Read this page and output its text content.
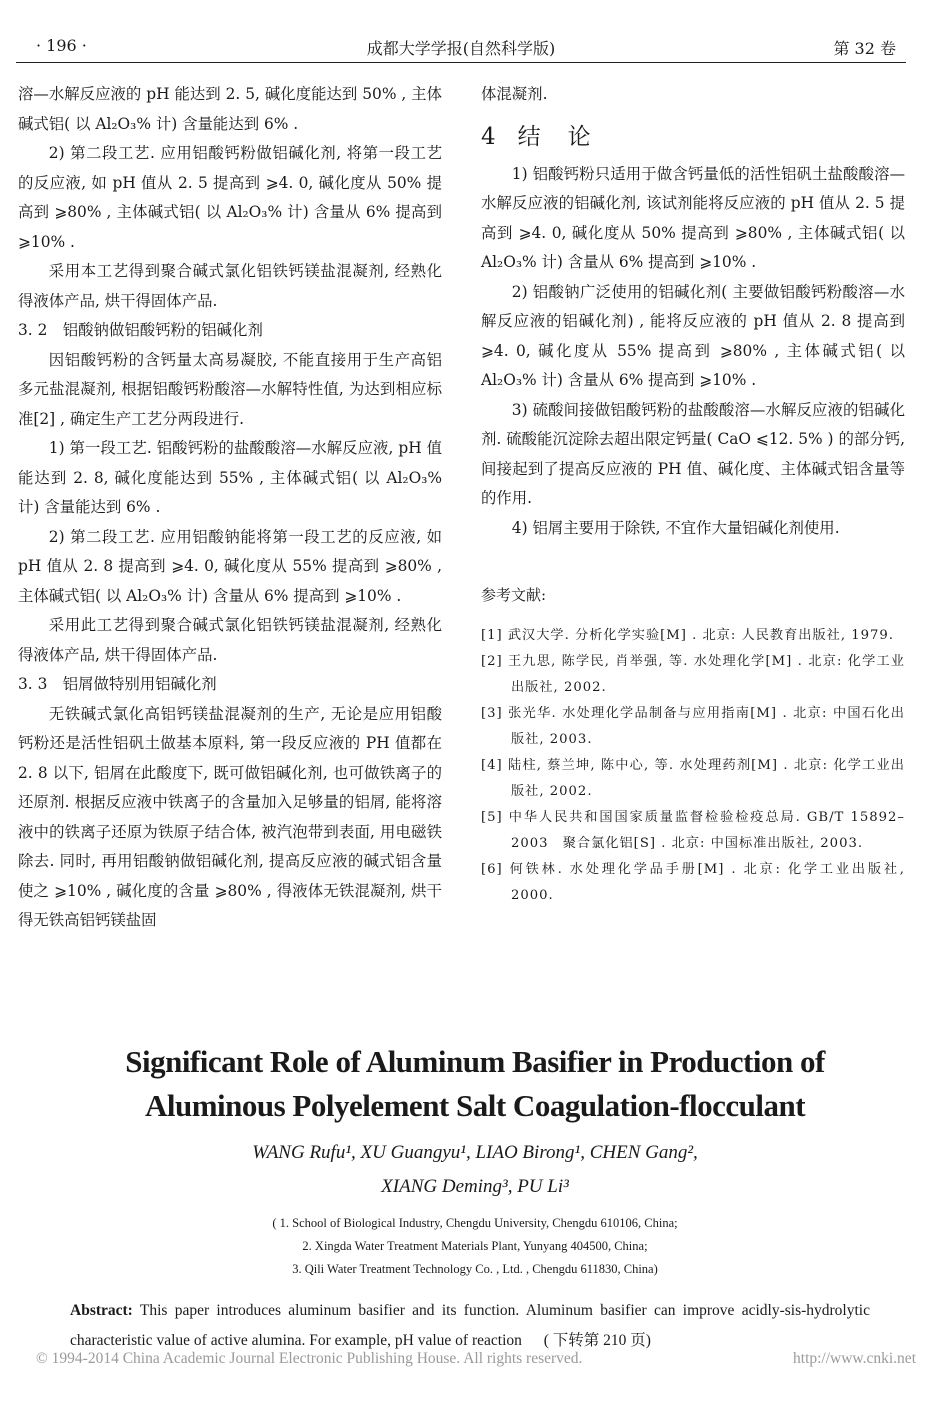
· 196 ·	成都大学学报(自然科学版)	第 32 卷

溶—水解反应液的 pH 能达到 2. 5, 碱化度能达到 50% , 主体碱式铝( 以 Al₂O₃% 计) 含量能达到 6% .

2) 第二段工艺. 应用铝酸钙粉做铝碱化剂, 将第一段工艺的反应液, 如 pH 值从 2. 5 提高到 ⩾4. 0, 碱化度从 50% 提高到 ⩾80% , 主体碱式铝( 以 Al₂O₃% 计) 含量从 6% 提高到 ⩾10% .

采用本工艺得到聚合碱式氯化铝铁钙镁盐混凝剂, 经熟化得液体产品, 烘干得固体产品.

3. 2　铝酸钠做铝酸钙粉的铝碱化剂

因铝酸钙粉的含钙量太高易凝胶, 不能直接用于生产高铝多元盐混凝剂, 根据铝酸钙粉酸溶—水解特性值, 为达到相应标准[2] , 确定生产工艺分两段进行.

1) 第一段工艺. 铝酸钙粉的盐酸酸溶—水解反应液, pH 值能达到 2. 8, 碱化度能达到 55% , 主体碱式铝( 以 Al₂O₃% 计) 含量能达到 6% .

2) 第二段工艺. 应用铝酸钠能将第一段工艺的反应液, 如 pH 值从 2. 8 提高到 ⩾4. 0, 碱化度从 55% 提高到 ⩾80% , 主体碱式铝( 以 Al₂O₃% 计) 含量从 6% 提高到 ⩾10% .

采用此工艺得到聚合碱式氯化铝铁钙镁盐混凝剂, 经熟化得液体产品, 烘干得固体产品.

3. 3　铝屑做特别用铝碱化剂

无铁碱式氯化高铝钙镁盐混凝剂的生产, 无论是应用铝酸钙粉还是活性铝矾土做基本原料, 第一段反应液的 PH 值都在 2. 8 以下, 铝屑在此酸度下, 既可做铝碱化剂, 也可做铁离子的还原剂. 根据反应液中铁离子的含量加入足够量的铝屑, 能将溶液中的铁离子还原为铁原子结合体, 被汽泡带到表面, 用电磁铁除去. 同时, 再用铝酸钠做铝碱化剂, 提高反应液的碱式铝含量使之 ⩾10% , 碱化度的含量 ⩾80% , 得液体无铁混凝剂, 烘干得无铁高铝钙镁盐固

体混凝剂.

4 结　论

1) 铝酸钙粉只适用于做含钙量低的活性铝矾土盐酸酸溶—水解反应液的铝碱化剂, 该试剂能将反应液的 pH 值从 2. 5 提高到 ⩾4. 0, 碱化度从 50% 提高到 ⩾80% , 主体碱式铝( 以 Al₂O₃% 计) 含量从 6% 提高到 ⩾10% .

2) 铝酸钠广泛使用的铝碱化剂( 主要做铝酸钙粉酸溶—水解反应液的铝碱化剂) , 能将反应液的 pH 值从 2. 8 提高到 ⩾4. 0, 碱化度从 55% 提高到 ⩾80% , 主体碱式铝( 以 Al₂O₃% 计) 含量从 6% 提高到 ⩾10% .

3) 硫酸间接做铝酸钙粉的盐酸酸溶—水解反应液的铝碱化剂. 硫酸能沉淀除去超出限定钙量( CaO ⩽12. 5% ) 的部分钙, 间接起到了提高反应液的 PH 值、碱化度、主体碱式铝含量等的作用.

4) 铝屑主要用于除铁, 不宜作大量铝碱化剂使用.

参考文献:

[1] 武汉大学. 分析化学实验[M] . 北京: 人民教育出版社, 1979.

[2] 王九思, 陈学民, 肖举强, 等. 水处理化学[M] . 北京: 化学工业出版社, 2002.

[3] 张光华. 水处理化学品制备与应用指南[M] . 北京: 中国石化出版社, 2003.

[4] 陆柱, 蔡兰坤, 陈中心, 等. 水处理药剂[M] . 北京: 化学工业出版社, 2002.

[5] 中华人民共和国国家质量监督检验检疫总局. GB/T 15892– 2003　聚合氯化铝[S] . 北京: 中国标准出版社, 2003.

[6] 何铁林. 水处理化学品手册[M] . 北京: 化学工业出版社, 2000.

Significant Role of Aluminum Basifier in Production of
Aluminous Polyelement Salt Coagulation-flocculant
WANG Rufu¹, XU Guangyu¹, LIAO Birong¹, CHEN Gang²,
XIANG Deming³, PU Li³
( 1. School of Biological Industry, Chengdu University, Chengdu 610106, China;
2. Xingda Water Treatment Materials Plant, Yunyang 404500, China;
3. Qili Water Treatment Technology Co. , Ltd. , Chengdu 611830, China)
Abstract: This paper introduces aluminum basifier and its function. Aluminum basifier can improve acidly-sis-hydrolytic characteristic value of active alumina. For example, pH value of reaction ( 下转第 210 页)
© 1994-2014 China Academic Journal Electronic Publishing House. All rights reserved.	http://www.cnki.net
